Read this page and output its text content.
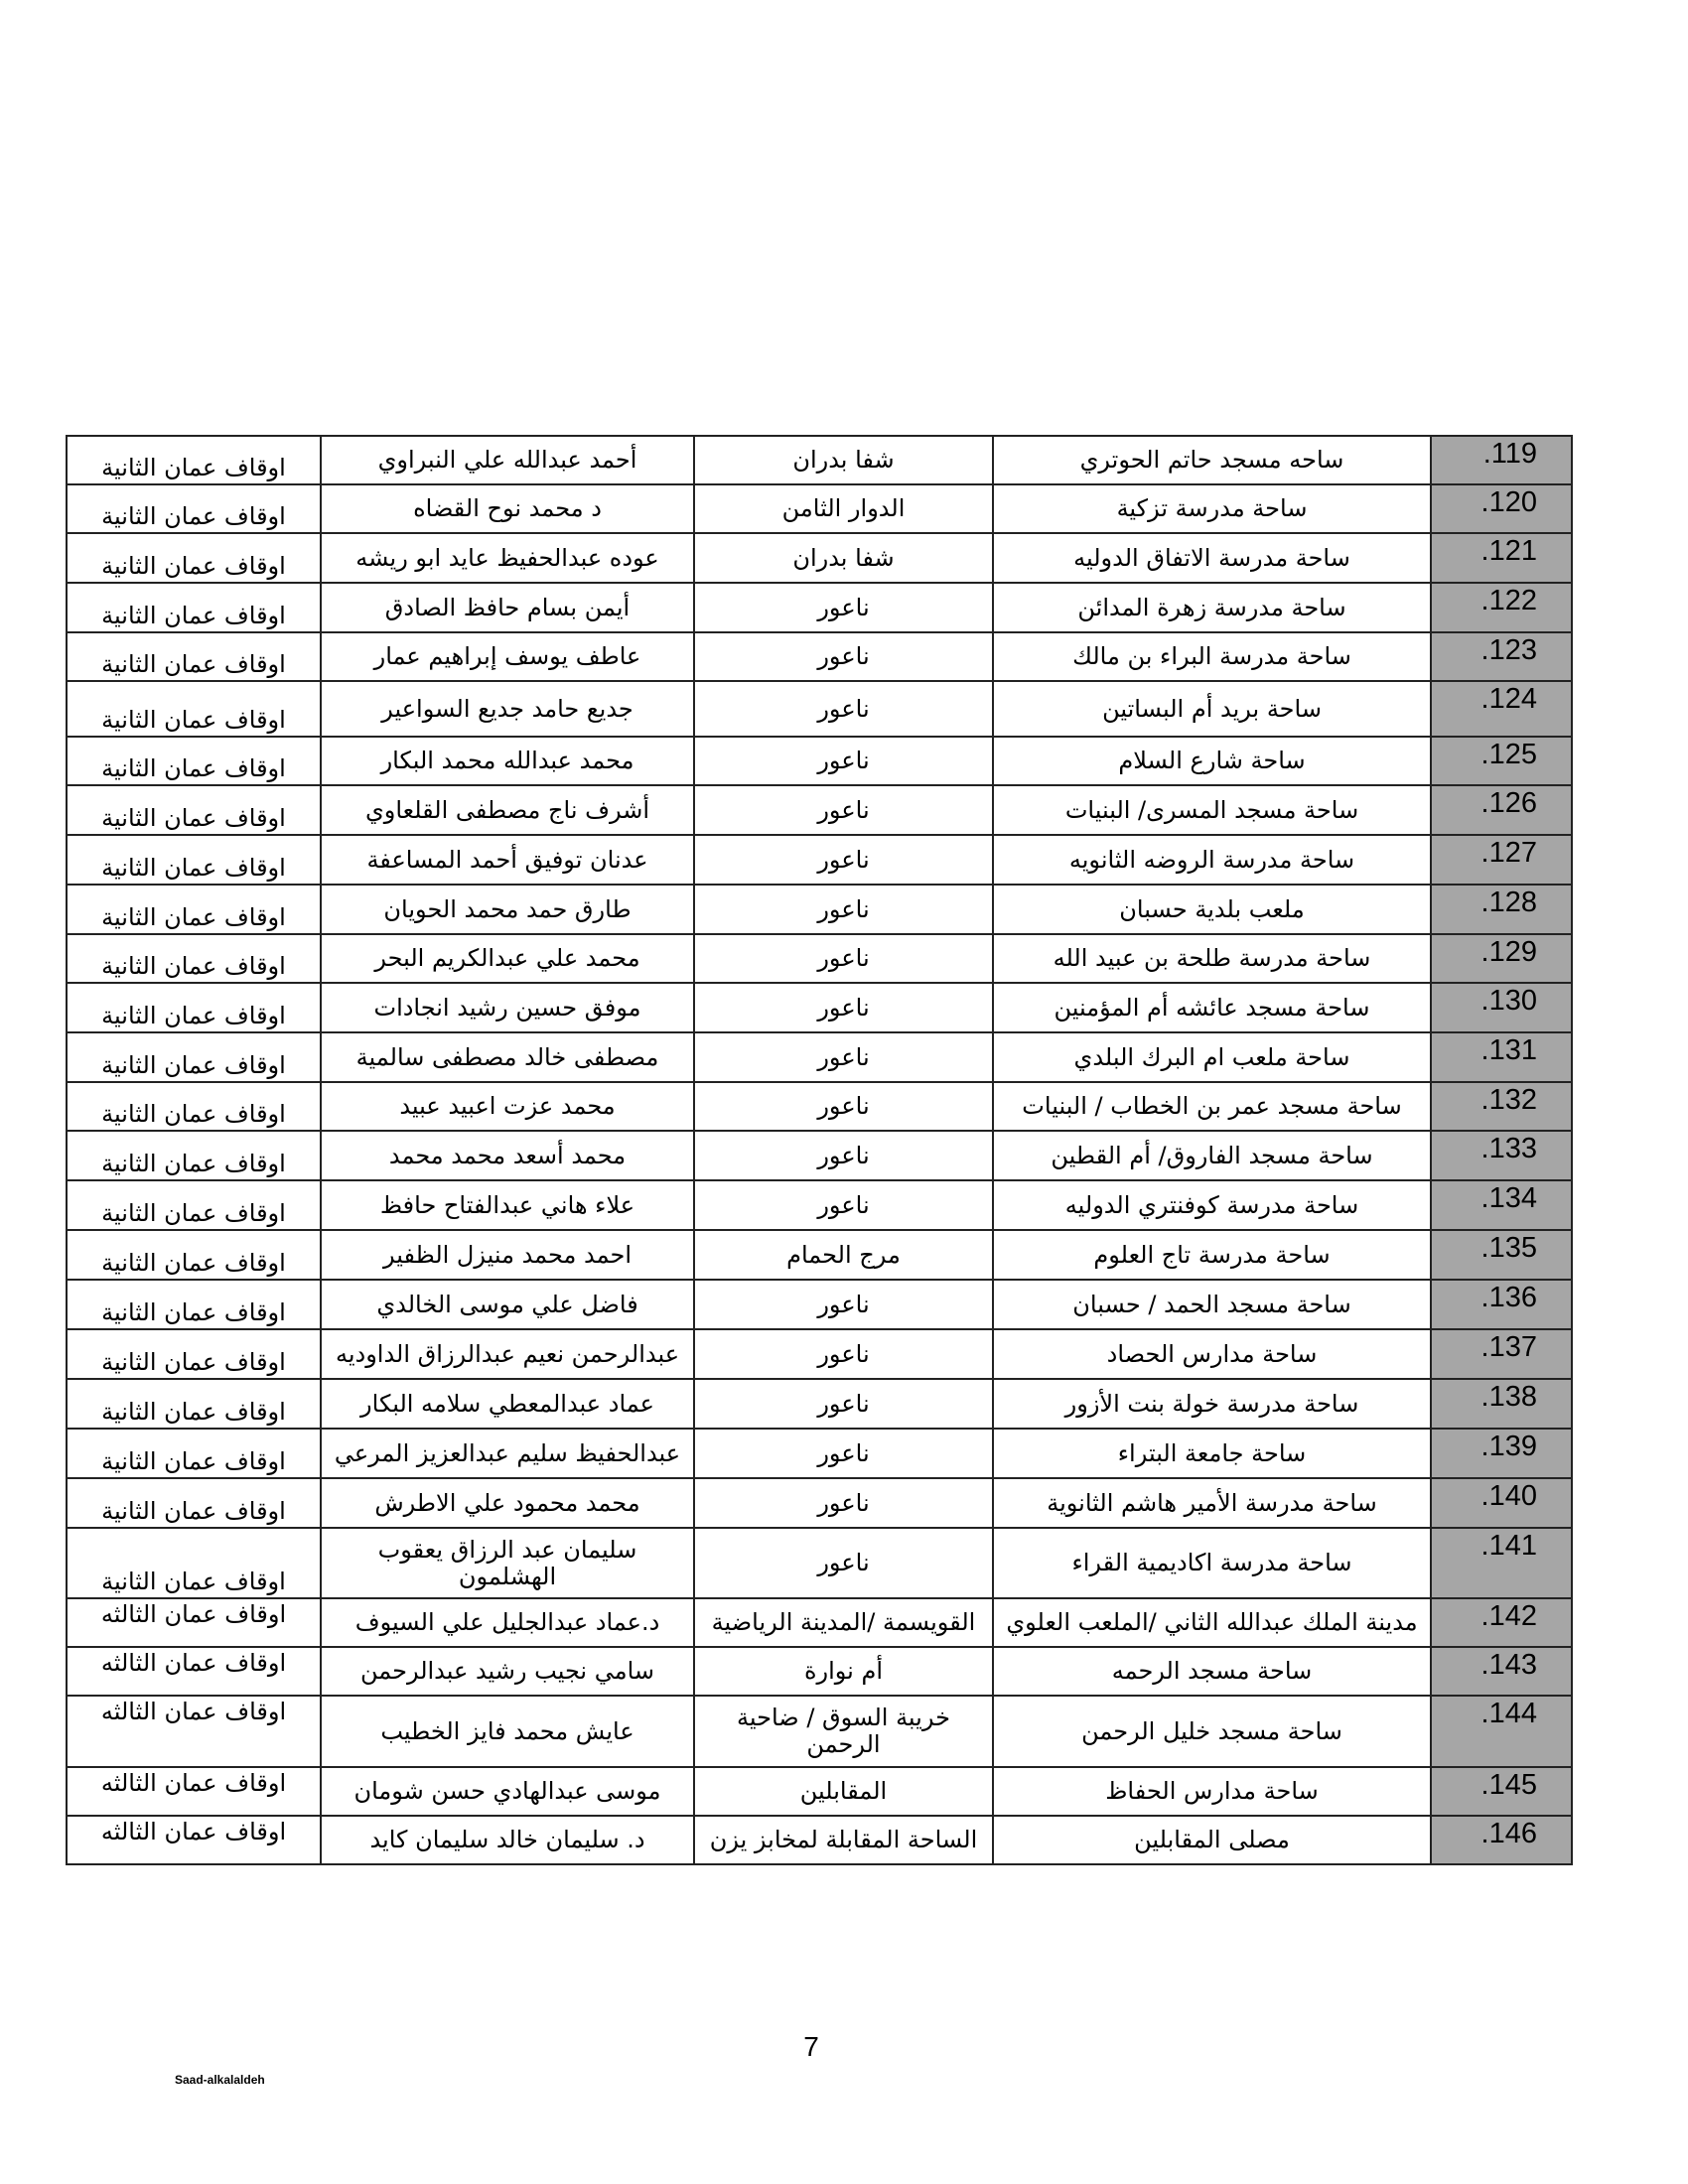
.119	ساحه مسجد حاتم الحوتري	شفا بدران	أحمد عبدالله علي النبراوي	اوقاف عمان الثانية
.120	ساحة مدرسة تزكية	الدوار الثامن	د محمد نوح القضاه	اوقاف عمان الثانية
.121	ساحة مدرسة الاتفاق الدوليه	شفا بدران	عوده عبدالحفيظ عايد ابو ريشه	اوقاف عمان الثانية
.122	ساحة مدرسة زهرة المدائن	ناعور	أيمن بسام حافظ الصادق	اوقاف عمان الثانية
.123	ساحة مدرسة البراء بن مالك	ناعور	عاطف يوسف إبراهيم عمار	اوقاف عمان الثانية
.124	ساحة بريد أم البساتين	ناعور	جديع حامد جديع السواعير	اوقاف عمان الثانية
.125	ساحة شارع السلام	ناعور	محمد عبدالله محمد البكار	اوقاف عمان الثانية
.126	ساحة مسجد المسرى/ البنيات	ناعور	أشرف ناج مصطفى القلعاوي	اوقاف عمان الثانية
.127	ساحة مدرسة الروضه الثانويه	ناعور	عدنان توفيق أحمد المساعفة	اوقاف عمان الثانية
.128	ملعب بلدية حسبان	ناعور	طارق حمد محمد الحويان	اوقاف عمان الثانية
.129	ساحة مدرسة طلحة بن عبيد الله	ناعور	محمد علي عبدالكريم البحر	اوقاف عمان الثانية
.130	ساحة مسجد عائشه أم المؤمنين	ناعور	موفق حسين رشيد انجادات	اوقاف عمان الثانية
.131	ساحة ملعب ام البرك البلدي	ناعور	مصطفى خالد مصطفى سالمية	اوقاف عمان الثانية
.132	ساحة مسجد عمر بن الخطاب / البنيات	ناعور	محمد عزت اعبيد عبيد	اوقاف عمان الثانية
.133	ساحة مسجد الفاروق/ أم القطين	ناعور	محمد أسعد محمد محمد	اوقاف عمان الثانية
.134	ساحة مدرسة كوفنتري الدوليه	ناعور	علاء هاني عبدالفتاح حافظ	اوقاف عمان الثانية
.135	ساحة مدرسة تاج العلوم	مرج الحمام	احمد محمد منيزل الظفير	اوقاف عمان الثانية
.136	ساحة مسجد الحمد / حسبان	ناعور	فاضل علي موسى الخالدي	اوقاف عمان الثانية
.137	ساحة مدارس الحصاد	ناعور	عبدالرحمن نعيم عبدالرزاق الداوديه	اوقاف عمان الثانية
.138	ساحة مدرسة خولة بنت الأزور	ناعور	عماد عبدالمعطي سلامه البكار	اوقاف عمان الثانية
.139	ساحة جامعة البتراء	ناعور	عبدالحفيظ سليم عبدالعزيز المرعي	اوقاف عمان الثانية
.140	ساحة مدرسة الأمير هاشم الثانوية	ناعور	محمد محمود علي الاطرش	اوقاف عمان الثانية
.141	ساحة مدرسة اكاديمية القراء	ناعور	سليمان عبد الرزاق يعقوب الهشلمون	اوقاف عمان الثانية
.142	مدينة الملك عبدالله الثاني /الملعب العلوي	القويسمة /المدينة الرياضية	د.عماد عبدالجليل علي السيوف	اوقاف عمان الثالثه
.143	ساحة مسجد الرحمه	أم نوارة	سامي نجيب رشيد عبدالرحمن	اوقاف عمان الثالثه
.144	ساحة مسجد خليل الرحمن	خريبة السوق / ضاحية الرحمن	عايش محمد فايز الخطيب	اوقاف عمان الثالثه
.145	ساحة مدارس الحفاظ	المقابلين	موسى عبدالهادي حسن شومان	اوقاف عمان الثالثه
.146	مصلى المقابلين	الساحة المقابلة لمخابز يزن	د. سليمان خالد سليمان كايد	اوقاف عمان الثالثه
7
Saad-alkalaldeh
